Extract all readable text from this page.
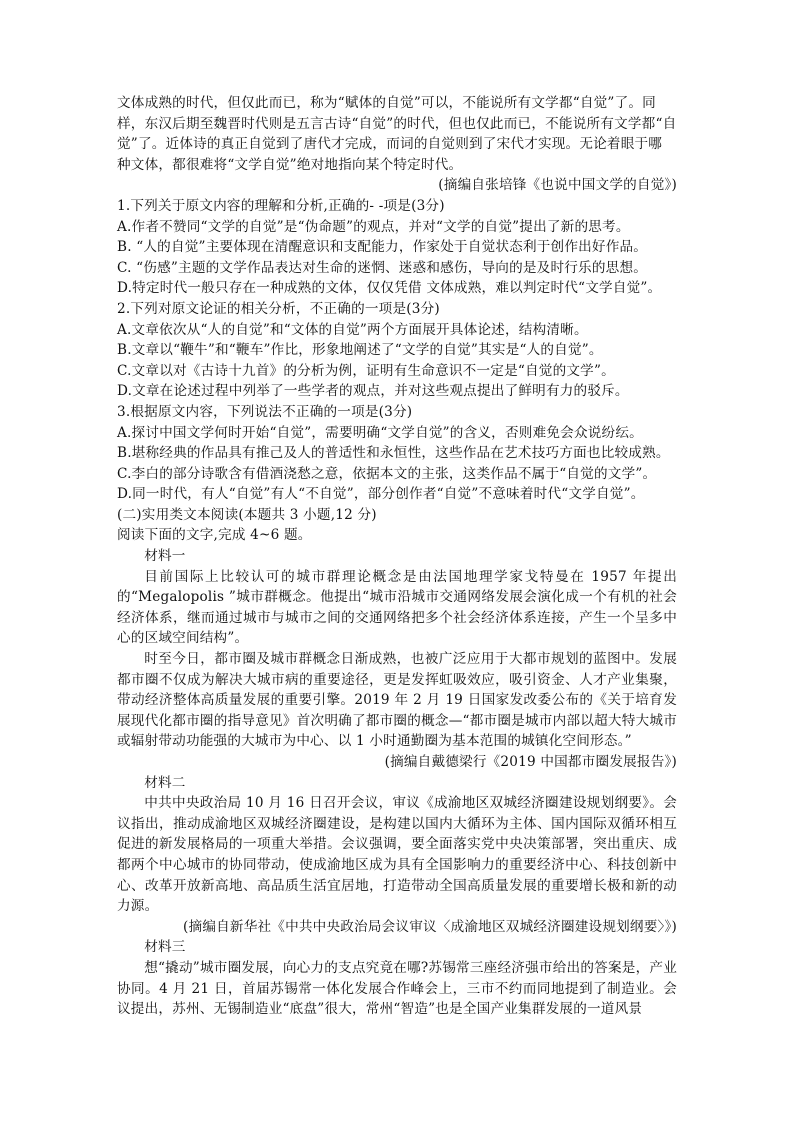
文体成熟的时代，但仅此而已，称为“赋体的自觉”可以，不能说所有文学都“自觉”了。同

样，东汉后期至魏晋时代则是五言古诗“自觉”的时代，但也仅此而已，不能说所有文学都“自

觉”了。近体诗的真正自觉到了唐代才完成，而词的自觉则到了宋代才实现。无论着眼于哪

种文体，都很难将“文学自觉”绝对地指向某个特定时代。

(摘编自张培锋《也说中国文学的自觉》)

1.下列关于原文内容的理解和分析,正确的- -项是(3分)

A.作者不赞同“文学的自觉”是“伪命题”的观点，并对“文学的自觉”提出了新的思考。

B. “人的自觉”主要体现在清醒意识和支配能力，作家处于自觉状态利于创作出好作品。

C. “伤感”主题的文学作品表达对生命的迷惘、迷惑和感伤，导向的是及时行乐的思想。

D.特定时代一般只存在一种成熟的文体，仅仅凭借 文体成熟，难以判定时代“文学自觉”。

2.下列对原文论证的相关分析，不正确的一项是(3分)

A.文章依次从“人的自觉”和“文体的自觉”两个方面展开具体论述，结构清晰。

B.文章以“鞭牛”和“鞭车”作比，形象地阐述了“文学的自觉”其实是“人的自觉”。

C.文章以对《古诗十九首》的分析为例，证明有生命意识不一定是“自觉的文学”。

D.文章在论述过程中列举了一些学者的观点，并对这些观点提出了鲜明有力的驳斥。

3.根据原文内容，下列说法不正确的一项是(3分)

A.探讨中国文学何时开始“自觉”，需要明确“文学自觉”的含义，否则难免会众说纷纭。

B.堪称经典的作品具有推己及人的普适性和永恒性，这些作品在艺术技巧方面也比较成熟。

C.李白的部分诗歌含有借酒浇愁之意，依据本文的主张，这类作品不属于“自觉的文学”。

D.同一时代，有人“自觉”有人“不自觉”，部分创作者“自觉”不意味着时代“文学自觉”。

(二)实用类文本阅读(本题共 3 小题,12 分)

阅读下面的文字,完成 4~6 题。

材料一

目前国际上比较认可的城市群理论概念是由法国地理学家戈特曼在 1957 年提出的“Megalopolis ”城市群概念。他提出“城市沿城市交通网络发展会演化成一个有机的社会经济体系，继而通过城市与城市之间的交通网络把多个社会经济体系连接，产生一个呈多中心的区域空间结构”。

时至今日，都市圈及城市群概念日渐成熟，也被广泛应用于大都市规划的蓝图中。发展都市圈不仅成为解决大城市病的重要途径，更是发挥虹吸效应，吸引资金、人才产业集聚，带动经济整体高质量发展的重要引擎。2019 年 2 月 19 日国家发改委公布的《关于培育发展现代化都市圈的指导意见》首次明确了都市圈的概念—“都市圈是城市内部以超大特大城市或辐射带动功能强的大城市为中心、以 1 小时通勤圈为基本范围的城镇化空间形态。”

(摘编自戴德梁行《2019 中国都市圈发展报告》)

材料二

中共中央政治局 10 月 16 日召开会议，审议《成渝地区双城经济圈建设规划纲要》。会议指出，推动成渝地区双城经济圈建设，是构建以国内大循环为主体、国内国际双循环相互促进的新发展格局的一项重大举措。会议强调，要全面落实党中央决策部署，突出重庆、成都两个中心城市的协同带动，使成渝地区成为具有全国影响力的重要经济中心、科技创新中心、改革开放新高地、高品质生活宜居地，打造带动全国高质量发展的重要增长极和新的动力源。

(摘编自新华社《中共中央政治局会议审议〈成渝地区双城经济圈建设规划纲要〉》)

材料三

想“撬动”城市圈发展，向心力的支点究竟在哪?苏锡常三座经济强市给出的答案是，产业协同。4 月 21 日，首届苏锡常一体化发展合作峰会上，三市不约而同地提到了制造业。会议提出，苏州、无锡制造业“底盘”很大，常州“智造”也是全国产业集群发展的一道风景
